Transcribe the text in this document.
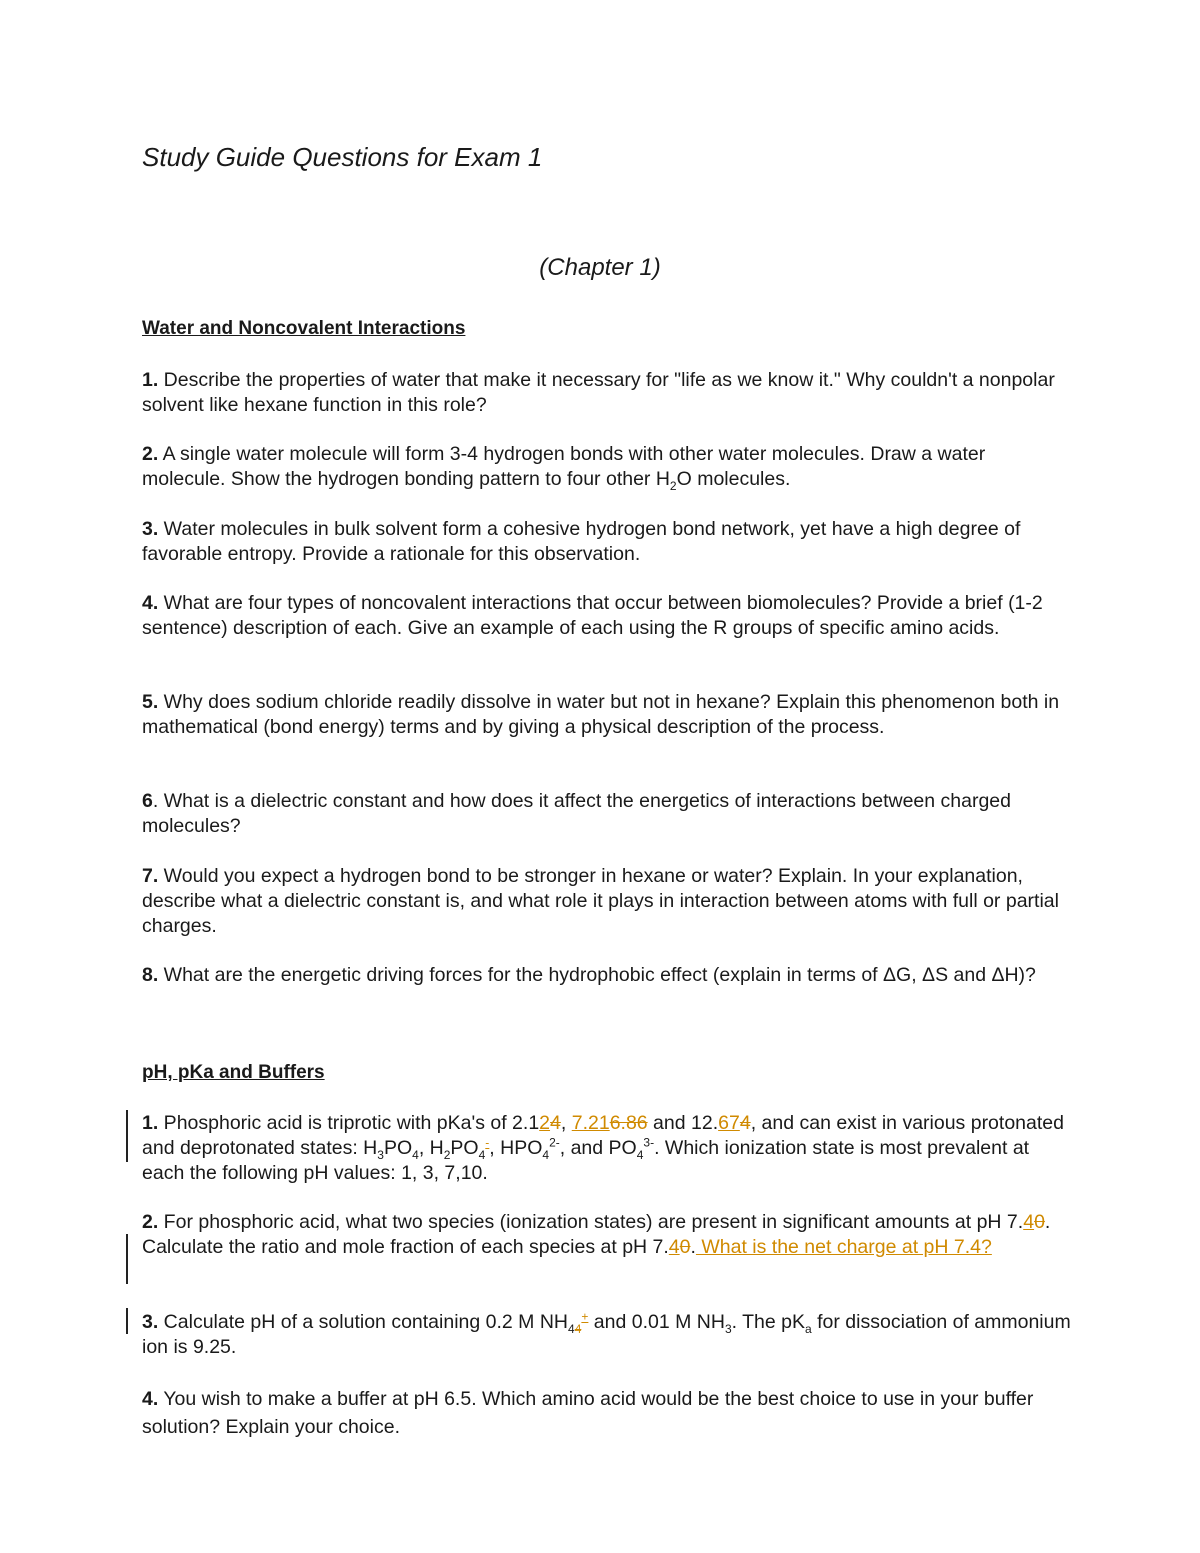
Study Guide Questions for Exam 1
(Chapter 1)
Water and Noncovalent Interactions

1. Describe the properties of water that make it necessary for "life as we know it." Why couldn't a nonpolar solvent like hexane function in this role?

2. A single water molecule will form 3-4 hydrogen bonds with other water molecules. Draw a water molecule. Show the hydrogen bonding pattern to four other $H_2O$ molecules.

3. Water molecules in bulk solvent form a cohesive hydrogen bond network, yet have a high degree of favorable entropy. Provide a rationale for this observation.

4. What are four types of noncovalent interactions that occur between biomolecules? Provide a brief (1-2 sentence) description of each. Give an example of each using the R groups of specific amino acids.

5. Why does sodium chloride readily dissolve in water but not in hexane? Explain this phenomenon both in mathematical (bond energy) terms and by giving a physical description of the process.

6. What is a dielectric constant and how does it affect the energetics of interactions between charged molecules?

7. Would you expect a hydrogen bond to be stronger in hexane or water? Explain. In your explanation, describe what a dielectric constant is, and what role it plays in interaction between atoms with full or partial charges.

8. What are the energetic driving forces for the hydrophobic effect (explain in terms of ΔG, ΔS and ΔH)?

pH, pKa and Buffers

1. Phosphoric acid is triprotic with pKa's of 2.124, 7.216.86 and 12.674, and can exist in various protonated and deprotonated states: $H_3PO_4$, $H_2PO_4^-$, $HPO_4^{2-}$, and $PO_4^{3-}$. Which ionization state is most prevalent at each the following pH values: 1, 3, 7,10.

2. For phosphoric acid, what two species (ionization states) are present in significant amounts at pH 7.40. Calculate the ratio and mole fraction of each species at pH 7.40. What is the net charge at pH 7.4?

3. Calculate pH of a solution containing 0.2 M $NH_{44}^+$ and 0.01 M $NH_3$. The $pK_a$ for dissociation of ammonium ion is 9.25.

4. You wish to make a buffer at pH 6.5. Which amino acid would be the best choice to use in your buffer solution? Explain your choice.
